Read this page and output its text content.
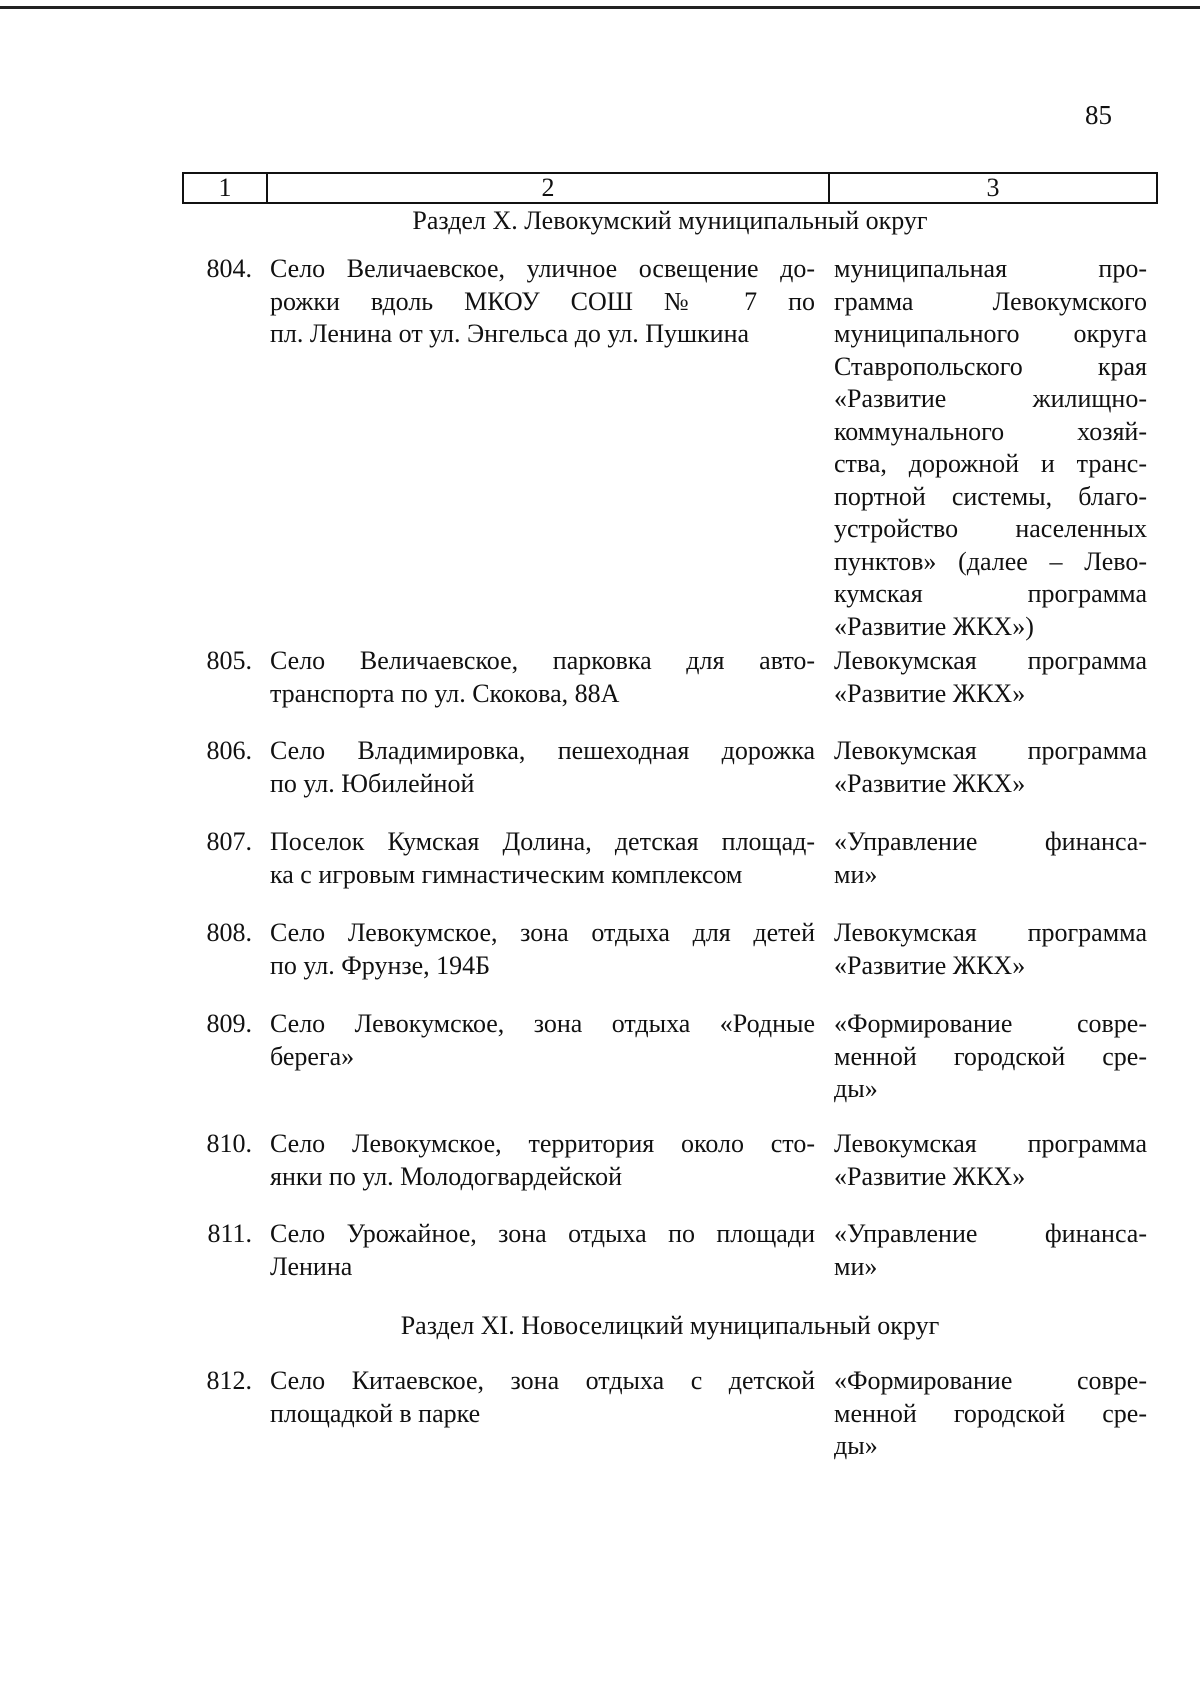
85
1	2	3
Раздел X. Левокумский муниципальный округ
804. Село Величаевское, уличное освещение до-
рожки вдоль МКОУ СОШ № 7 по
пл. Ленина от ул. Энгельса до ул. Пушкина
муниципальная про-
грамма Левокумского
муниципального округа
Ставропольского края
«Развитие жилищно-
коммунального хозяй-
ства, дорожной и транс-
портной системы, благо-
устройство населенных
пунктов» (далее – Лево-
кумская программа
«Развитие ЖКХ»)
805. Село Величаевское, парковка для авто-
транспорта по ул. Скокова, 88А
Левокумская программа
«Развитие ЖКХ»
806. Село Владимировка, пешеходная дорожка
по ул. Юбилейной
Левокумская программа
«Развитие ЖКХ»
807. Поселок Кумская Долина, детская площад-
ка с игровым гимнастическим комплексом
«Управление финанса-
ми»
808. Село Левокумское, зона отдыха для детей
по ул. Фрунзе, 194Б
Левокумская программа
«Развитие ЖКХ»
809. Село Левокумское, зона отдыха «Родные
берега»
«Формирование совре-
менной городской сре-
ды»
810. Село Левокумское, территория около сто-
янки по ул. Молодогвардейской
Левокумская программа
«Развитие ЖКХ»
811. Село Урожайное, зона отдыха по площади
Ленина
«Управление финанса-
ми»
Раздел XI. Новоселицкий муниципальный округ
812. Село Китаевское, зона отдыха с детской
площадкой в парке
«Формирование совре-
менной городской сре-
ды»
